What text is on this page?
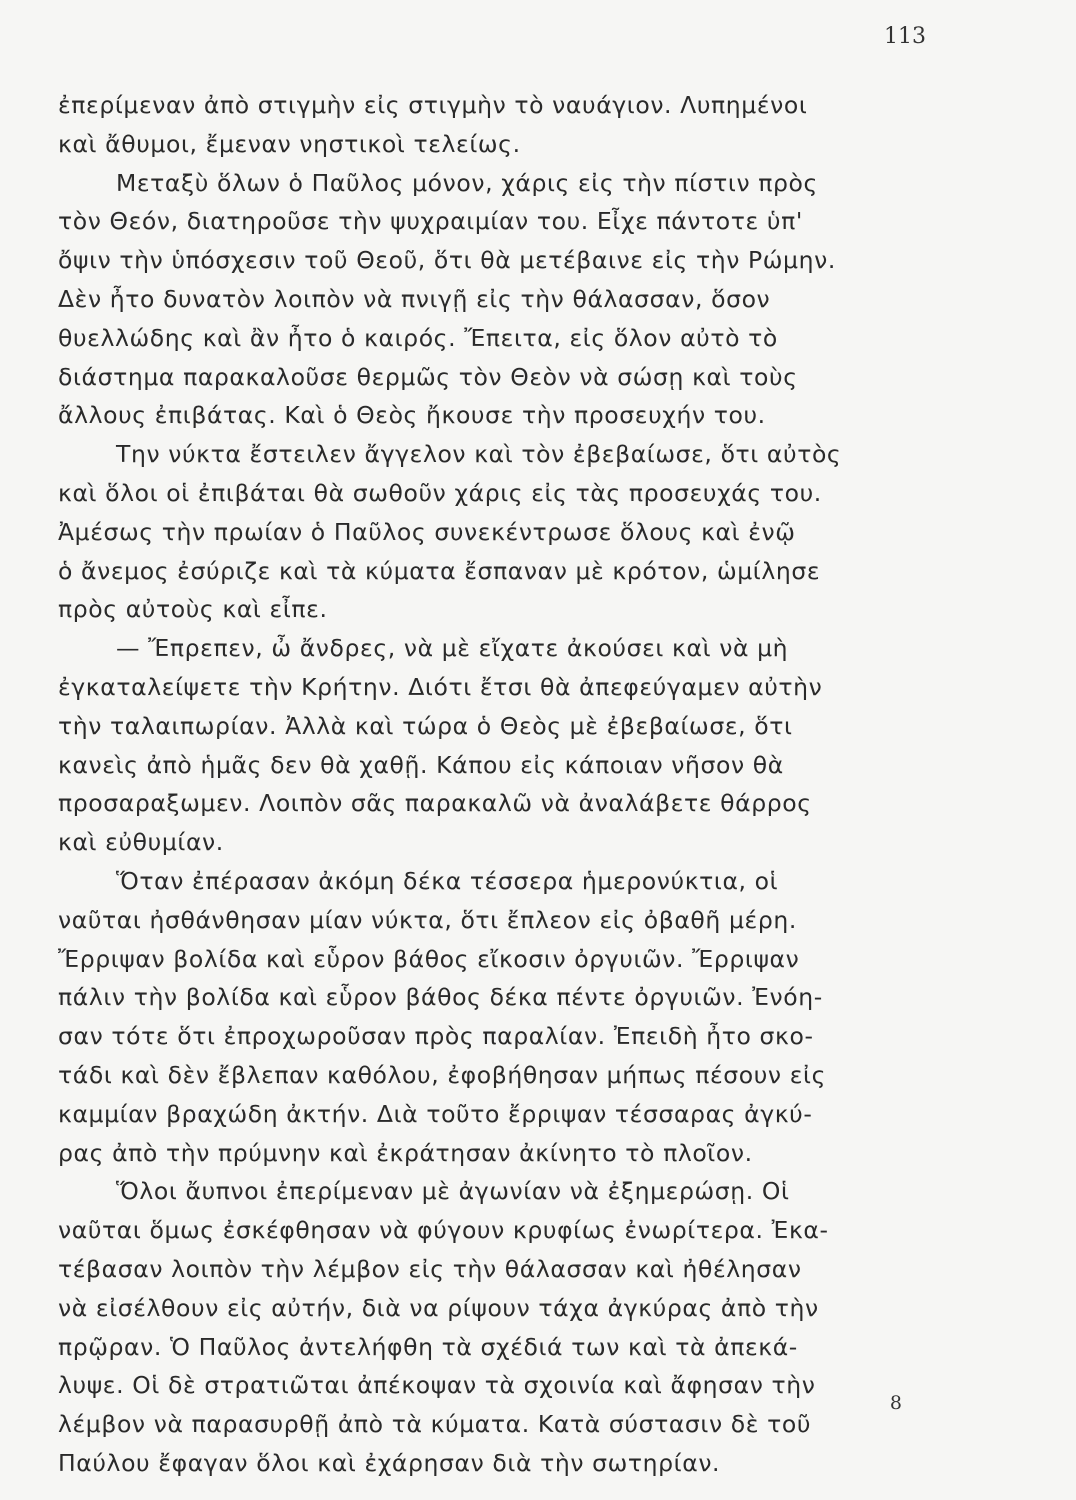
113
ἐπερίμεναν ἀπὸ στιγμὴν εἰς στιγμὴν τὸ ναυάγιον. Λυπημένοι
καὶ ἄθυμοι, ἔμεναν νηστικοὶ τελείως.
Μεταξὺ ὅλων ὁ Παῦλος μόνον, χάρις εἰς τὴν πίστιν πρὸς
τὸν Θεόν, διατηροῦσε τὴν ψυχραιμίαν του. Εἶχε πάντοτε ὑπ'
ὄψιν τὴν ὑπόσχεσιν τοῦ Θεοῦ, ὅτι θὰ μετέβαινε εἰς τὴν Ρώμην.
Δὲν ἦτο δυνατὸν λοιπὸν νὰ πνιγῇ εἰς τὴν θάλασσαν, ὅσον
θυελλώδης καὶ ἂν ἦτο ὁ καιρός. Ἔπειτα, εἰς ὅλον αὐτὸ τὸ
διάστημα παρακαλοῦσε θερμῶς τὸν Θεὸν νὰ σώσῃ καὶ τοὺς
ἄλλους ἐπιβάτας. Καὶ ὁ Θεὸς ἤκουσε τὴν προσευχήν του.
Την νύκτα ἔστειλεν ἄγγελον καὶ τὸν ἐβεβαίωσε, ὅτι αὐτὸς
καὶ ὅλοι οἱ ἐπιβάται θὰ σωθοῦν χάρις εἰς τὰς προσευχάς του.
Ἀμέσως τὴν πρωίαν ὁ Παῦλος συνεκέντρωσε ὅλους καὶ ἐνῷ
ὁ ἄνεμος ἐσύριζε καὶ τὰ κύματα ἔσπαναν μὲ κρότον, ὡμίλησε
πρὸς αὐτοὺς καὶ εἶπε.
— Ἔπρεπεν, ὦ ἄνδρες, νὰ μὲ εἴχατε ἀκούσει καὶ νὰ μὴ
ἐγκαταλείψετε τὴν Κρήτην. Διότι ἔτσι θὰ ἀπεφεύγαμεν αὐτὴν
τὴν ταλαιπωρίαν. Ἀλλὰ καὶ τώρα ὁ Θεὸς μὲ ἐβεβαίωσε, ὅτι
κανεὶς ἀπὸ ἡμᾶς δεν θὰ χαθῇ. Κάπου εἰς κάποιαν νῆσον θὰ
προσαραξωμεν. Λοιπὸν σᾶς παρακαλῶ νὰ ἀναλάβετε θάρρος
καὶ εὐθυμίαν.
Ὅταν ἐπέρασαν ἀκόμη δέκα τέσσερα ἡμερονύκτια, οἱ
ναῦται ἠσθάνθησαν μίαν νύκτα, ὅτι ἔπλεον εἰς ὀβαθῆ μέρη.
Ἔρριψαν βολίδα καὶ εὗρον βάθος εἴκοσιν ὀργυιῶν. Ἔρριψαν
πάλιν τὴν βολίδα καὶ εὗρον βάθος δέκα πέντε ὀργυιῶν. Ἐνόη-
σαν τότε ὅτι ἐπροχωροῦσαν πρὸς παραλίαν. Ἐπειδὴ ἦτο σκο-
τάδι καὶ δὲν ἔβλεπαν καθόλου, ἐφοβήθησαν μήπως πέσουν εἰς
καμμίαν βραχώδη ἀκτήν. Διὰ τοῦτο ἔρριψαν τέσσαρας ἀγκύ-
ρας ἀπὸ τὴν πρύμνην καὶ ἐκράτησαν ἀκίνητο τὸ πλοῖον.
Ὅλοι ἄυπνοι ἐπερίμεναν μὲ ἀγωνίαν νὰ ἐξημερώσῃ. Οἱ
ναῦται ὅμως ἐσκέφθησαν νὰ φύγουν κρυφίως ἐνωρίτερα. Ἐκα-
τέβασαν λοιπὸν τὴν λέμβον εἰς τὴν θάλασσαν καὶ ἠθέλησαν
νὰ εἰσέλθουν εἰς αὐτήν, διὰ να ρίψουν τάχα ἀγκύρας ἀπὸ τὴν
πρῷραν. Ὁ Παῦλος ἀντελήφθη τὰ σχέδιά των καὶ τὰ ἀπεκά-
λυψε. Οἱ δὲ στρατιῶται ἀπέκοψαν τὰ σχοινία καὶ ἄφησαν τὴν
λέμβον νὰ παρασυρθῇ ἀπὸ τὰ κύματα. Κατὰ σύστασιν δὲ τοῦ
Παύλου ἔφαγαν ὅλοι καὶ ἐχάρησαν διὰ τὴν σωτηρίαν.
8
